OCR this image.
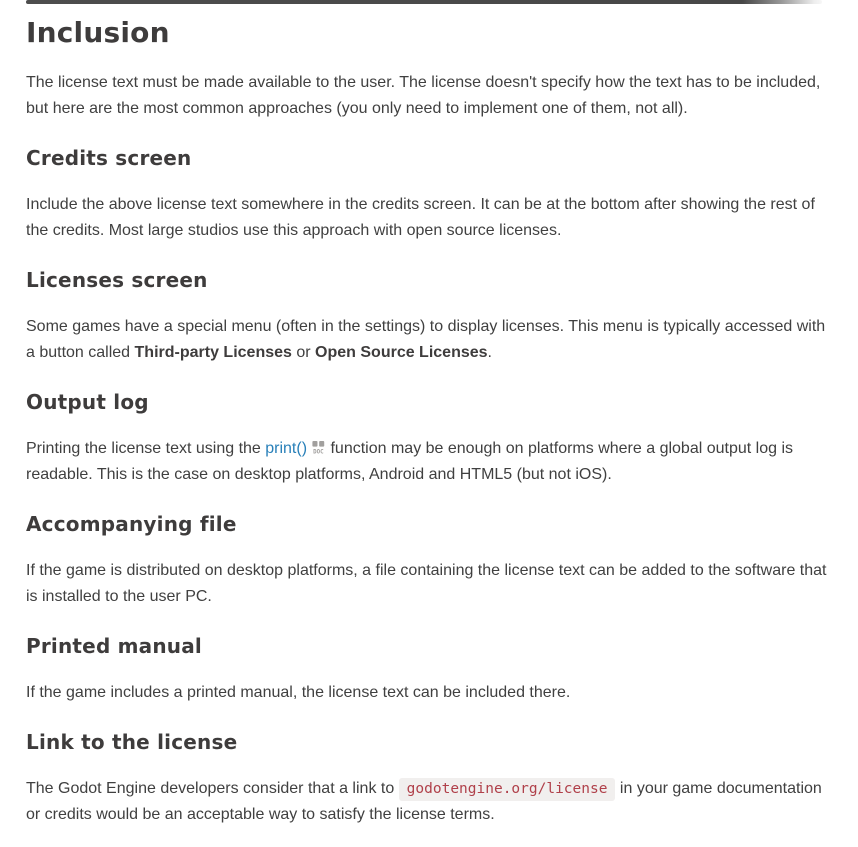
Inclusion

The license text must be made available to the user. The license doesn't specify how the text has to be included, but here are the most common approaches (you only need to implement one of them, not all).

Credits screen

Include the above license text somewhere in the credits screen. It can be at the bottom after showing the rest of the credits. Most large studios use this approach with open source licenses.

Licenses screen

Some games have a special menu (often in the settings) to display licenses. This menu is typically accessed with a button called Third-party Licenses or Open Source Licenses.

Output log

Printing the license text using the print() DOC function may be enough on platforms where a global output log is readable. This is the case on desktop platforms, Android and HTML5 (but not iOS).

Accompanying file

If the game is distributed on desktop platforms, a file containing the license text can be added to the software that is installed to the user PC.

Printed manual

If the game includes a printed manual, the license text can be included there.

Link to the license

The Godot Engine developers consider that a link to godotengine.org/license in your game documentation or credits would be an acceptable way to satisfy the license terms.
